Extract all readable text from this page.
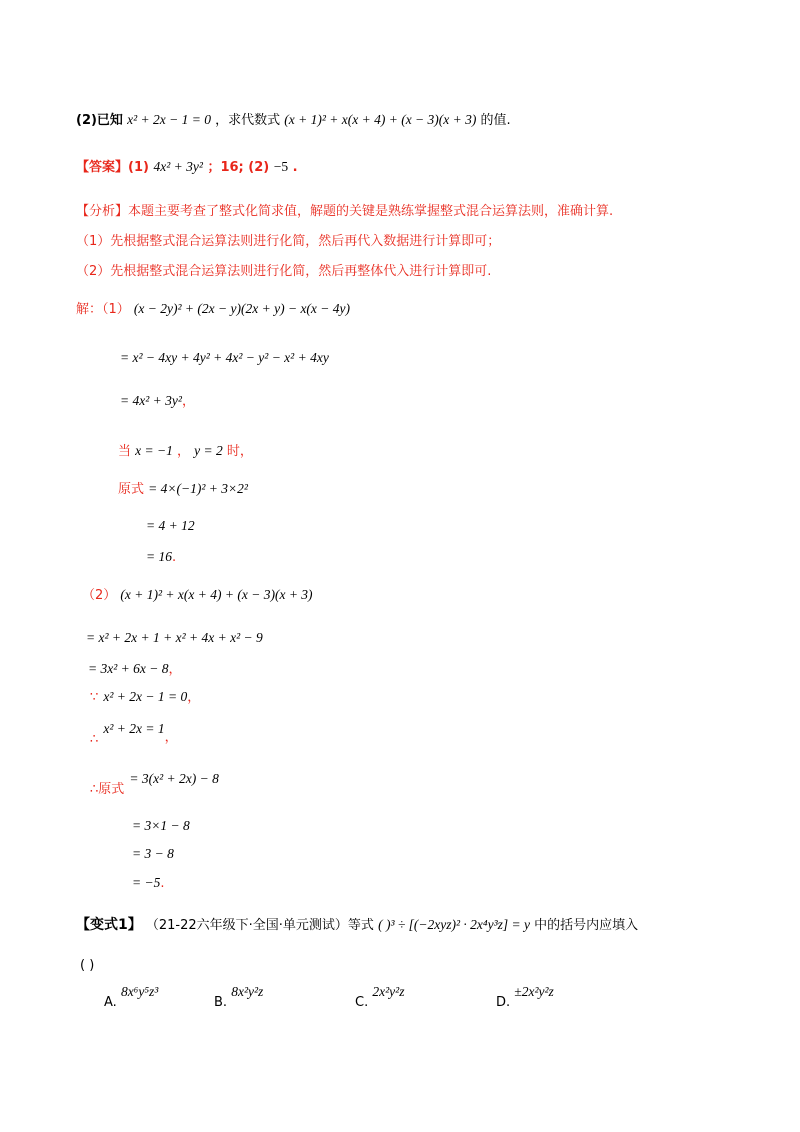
(2)已知 x² + 2x − 1 = 0 ，求代数式 (x + 1)² + x(x + 4) + (x − 3)(x + 3) 的值.
【答案】(1) 4x² + 3y² ；16; (2) −5 .
【分析】本题主要考查了整式化简求值，解题的关键是熟练掌握整式混合运算法则，准确计算.
（1）先根据整式混合运算法则进行化简，然后再代入数据进行计算即可；
（2）先根据整式混合运算法则进行化简，然后再整体代入进行计算即可.
解：（1） (x − 2y)² + (2x − y)(2x + y) − x(x − 4y)
= x² − 4xy + 4y² + 4x² − y² − x² + 4xy
= 4x² + 3y²，
当 x = −1 ， y = 2 时，
原式 = 4×(−1)² + 3×2²
= 4 + 12
= 16.
（2） (x + 1)² + x(x + 4) + (x − 3)(x + 3)
= x² + 2x + 1 + x² + 4x + x² − 9
= 3x² + 6x − 8，
∵ x² + 2x − 1 = 0，
$_\therefore$ $x^2 + 2x = 1_,$
$_{\therefore 原式}$ = 3(x² + 2x) − 8
= 3×1 − 8
= 3 − 8
= −5.
【变式1】 （21-22六年级下·全国·单元测试）等式 ( )³ ÷ [(−2xyz)² · 2x⁴y³z] = y 中的括号内应填入
( )
A. 8x⁶y⁵z³
B. 8x²y²z
C. 2x²y²z
D. ±2x²y²z
